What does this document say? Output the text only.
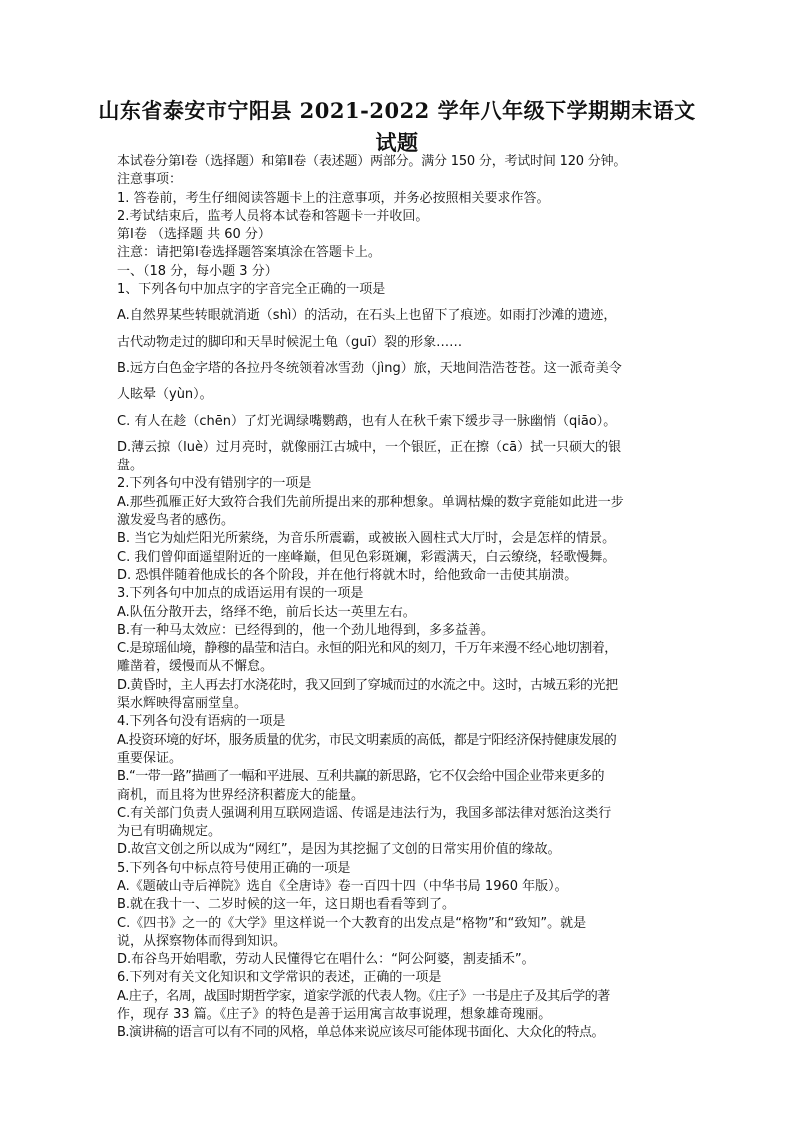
山东省泰安市宁阳县 2021-2022 学年八年级下学期期末语文
试题
本试卷分第Ⅰ卷（选择题）和第Ⅱ卷（表述题）两部分。满分 150 分，考试时间 120 分钟。
注意事项：
1. 答卷前，考生仔细阅读答题卡上的注意事项，并务必按照相关要求作答。
2.考试结束后，监考人员将本试卷和答题卡一并收回。
第Ⅰ卷 （选择题 共 60 分）
注意：请把第Ⅰ卷选择题答案填涂在答题卡上。
一、（18 分，每小题 3 分）
1、下列各句中加点字的字音完全正确的一项是
A.自然界某些转眼就消逝（shì）的活动，在石头上也留下了痕迹。如雨打沙滩的遗迹，
古代动物走过的脚印和天旱时候泥土龟（guī）裂的形象……
B.远方白色金字塔的各拉丹冬统领着冰雪劲（jìng）旅，天地间浩浩苍苍。这一派奇美令
人眩晕（yùn）。
C. 有人在趁（chēn）了灯光调绿嘴鹦鹉，也有人在秋千索下缓步寻一脉幽悄（qiāo）。
D.薄云掠（luè）过月亮时，就像丽江古城中，一个银匠，正在擦（cā）拭一只硕大的银
盘。
2.下列各句中没有错别字的一项是
A.那些孤雁正好大致符合我们先前所提出来的那种想象。单调枯燥的数字竟能如此进一步
激发爱鸟者的感伤。
B. 当它为灿烂阳光所萦绕，为音乐所震霸，或被嵌入圆柱式大厅时，会是怎样的情景。
C. 我们曾仰面遥望附近的一座峰巅，但见色彩斑斓，彩霞满天，白云缭绕，轻歌慢舞。
D. 恐惧伴随着他成长的各个阶段，并在他行将就木时，给他致命一击使其崩溃。
3.下列各句中加点的成语运用有误的一项是
A.队伍分散开去，络绎不绝，前后长达一英里左右。
B.有一种马太效应：已经得到的，他一个劲儿地得到，多多益善。
C.是琼瑶仙境，静穆的晶莹和洁白。永恒的阳光和风的刻刀，千万年来漫不经心地切割着，
雕凿着，缓慢而从不懈怠。
D.黄昏时，主人再去打水浇花时，我又回到了穿城而过的水流之中。这时，古城五彩的光把
渠水辉映得富丽堂皇。
4.下列各句没有语病的一项是
A.投资环境的好坏，服务质量的优劣，市民文明素质的高低，都是宁阳经济保持健康发展的
重要保证。
B.“一带一路”描画了一幅和平进展、互利共赢的新思路，它不仅会给中国企业带来更多的
商机，而且将为世界经济积蓄庞大的能量。
C.有关部门负责人强调利用互联网造谣、传谣是违法行为，我国多部法律对惩治这类行
为已有明确规定。
D.故宫文创之所以成为“网红”，是因为其挖掘了文创的日常实用价值的缘故。
5.下列各句中标点符号使用正确的一项是
A.《题破山寺后禅院》选自《全唐诗》卷一百四十四（中华书局 1960 年版）。
B.就在我十一、二岁时候的这一年，这日期也看看等到了。
C.《四书》之一的《大学》里这样说一个大教育的出发点是“格物”和“致知”。就是
说，从探察物体而得到知识。
D.布谷鸟开始唱歌，劳动人民懂得它在唱什么：“阿公阿婆，割麦插禾”。
6.下列对有关文化知识和文学常识的表述，正确的一项是
A.庄子，名周，战国时期哲学家，道家学派的代表人物。《庄子》一书是庄子及其后学的著
作，现存 33 篇。《庄子》的特色是善于运用寓言故事说理，想象雄奇瑰丽。
B.演讲稿的语言可以有不同的风格，单总体来说应该尽可能体现书面化、大众化的特点。
